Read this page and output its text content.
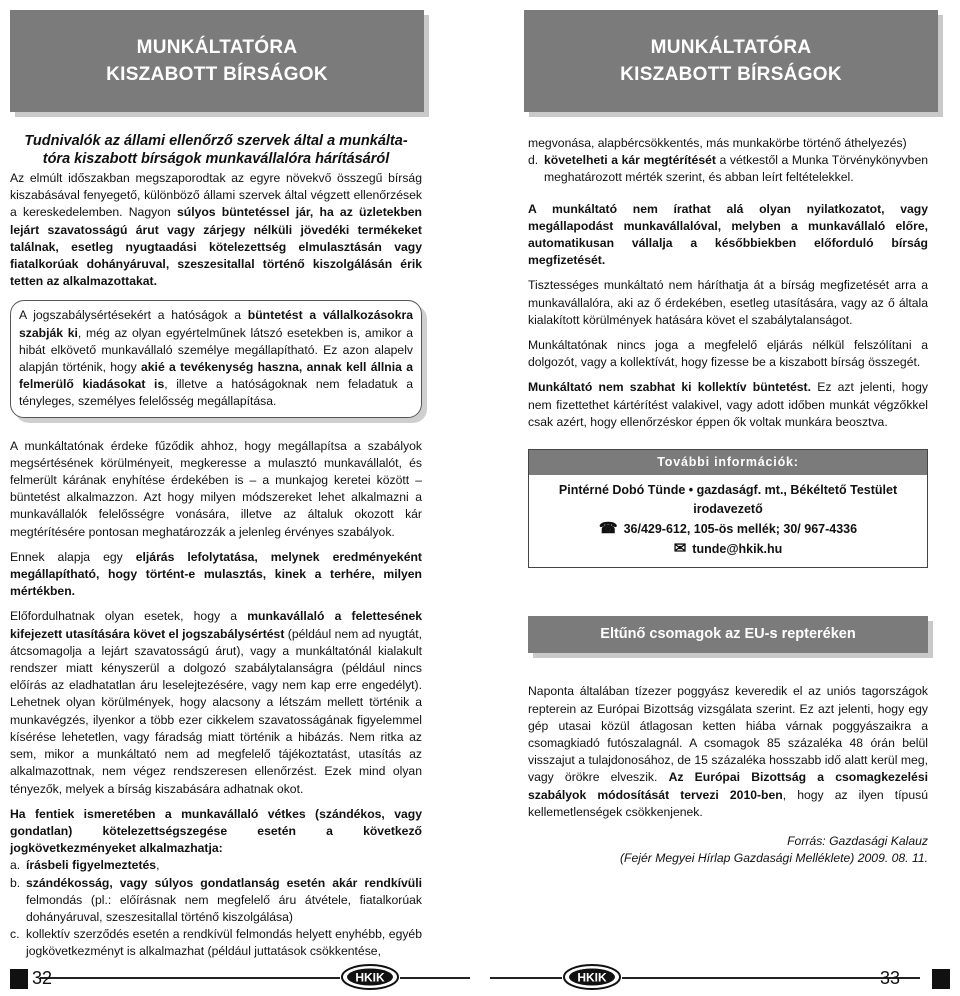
MUNKÁLTATÓRA
KISZABOTT BÍRSÁGOK
Tudnivalók az állami ellenőrző szervek által a munkálta-
tóra kiszabott bírságok munkavállalóra hárításáról

Az elmúlt időszakban megszaporodtak az egyre növekvő összegű bírság kiszabásával fenyegető, különböző állami szervek által végzett ellenőrzések a kereskedelemben. Nagyon súlyos büntetéssel jár, ha az üzletekben lejárt szavatosságú árut vagy zárjegy nélküli jövedéki termékeket találnak, esetleg nyugtaadási kötelezettség elmulasztásán vagy fiatalkorúak dohányáruval, szeszesitallal történő kiszolgálásán érik tetten az alkalmazottakat.

A jogszabálysértésekért a hatóságok a büntetést a vállalkozásokra szabják ki, még az olyan egyértelműnek látszó esetekben is, amikor a hibát elkövető munkavállaló személye megállapítható. Ez azon alapelv alapján történik, hogy akié a tevékenység haszna, annak kell állnia a felmerülő kiadásokat is, illetve a hatóságoknak nem feladatuk a tényleges, személyes felelősség megállapítása.

A munkáltatónak érdeke fűződik ahhoz, hogy megállapítsa a szabályok megsértésének körülményeit, megkeresse a mulasztó munkavállalót, és felmerült kárának enyhítése érdekében is – a munkajog keretei között – büntetést alkalmazzon. Azt hogy milyen módszereket lehet alkalmazni a munkavállalók felelősségre vonására, illetve az általuk okozott kár megtérítésére pontosan meghatározzák a jelenleg érvényes szabályok.

Ennek alapja egy eljárás lefolytatása, melynek eredményeként megállapítható, hogy történt-e mulasztás, kinek a terhére, milyen mértékben.

Előfordulhatnak olyan esetek, hogy a munkavállaló a felettesének kifejezett utasítására követ el jogszabálysértést (például nem ad nyugtát, átcsomagolja a lejárt szavatosságú árut), vagy a munkáltatónál kialakult rendszer miatt kényszerül a dolgozó szabálytalanságra (például nincs előírás az eladhatatlan áru leselejtezésére, vagy nem kap erre engedélyt). Lehetnek olyan körülmények, hogy alacsony a létszám mellett történik a munkavégzés, ilyenkor a több ezer cikkelem szavatosságának figyelemmel kísérése lehetetlen, vagy fáradság miatt történik a hibázás. Nem ritka az sem, mikor a munkáltató nem ad megfelelő tájékoztatást, utasítás az alkalmazottnak, nem végez rendszeresen ellenőrzést. Ezek mind olyan tényezők, melyek a bírság kiszabására adhatnak okot.

Ha fentiek ismeretében a munkavállaló vétkes (szándékos, vagy gondatlan) kötelezettségszegése esetén a következő jogkövetkezményeket alkalmazhatja:

a. írásbeli figyelmeztetés,
b. szándékosság, vagy súlyos gondatlanság esetén akár rendkívüli felmondás (pl.: előírásnak nem megfelelő áru átvétele, fiatalkorúak dohányáruval, szeszesitallal történő kiszolgálása)
c. kollektív szerződés esetén a rendkívül felmondás helyett enyhébb, egyéb jogkövetkezményt is alkalmazhat (például juttatások csökkentése,
32	HKIK
MUNKÁLTATÓRA
KISZABOTT BÍRSÁGOK

megvonása, alapbércsökkentés, más munkakörbe történő áthelyezés)

d. követelheti a kár megtérítését a vétkestől a Munka Törvénykönyvben meghatározott mérték szerint, és abban leírt feltételekkel.

A munkáltató nem írathat alá olyan nyilatkozatot, vagy megállapodást munkavállalóval, melyben a munkavállaló előre, automatikusan vállalja a későbbiekben előforduló bírság megfizetését.

Tisztességes munkáltató nem háríthatja át a bírság megfizetését arra a munkavállalóra, aki az ő érdekében, esetleg utasítására, vagy az ő általa kialakított körülmények hatására követ el szabálytalanságot.

Munkáltatónak nincs joga a megfelelő eljárás nélkül felszólítani a dolgozót, vagy a kollektívát, hogy fizesse be a kiszabott bírság összegét.

Munkáltató nem szabhat ki kollektív büntetést. Ez azt jelenti, hogy nem fizettethet kártérítést valakivel, vagy adott időben munkát végzőkkel csak azért, hogy ellenőrzéskor éppen ők voltak munkára beosztva.

További információk:
Pintérné Dobó Tünde • gazdaságf. mt., Békéltető Testület irodavezető
☎ 36/429-612, 105-ös mellék; 30/ 967-4336
✉ tunde@hkik.hu
Eltűnő csomagok az EU-s repteréken

Naponta általában tízezer poggyász keveredik el az uniós tagországok repterein az Európai Bizottság vizsgálata szerint. Ez azt jelenti, hogy egy gép utasai közül átlagosan ketten hiába várnak poggyászaikra a csomagkiadó futószalagnál. A csomagok 85 százaléka 48 órán belül visszajut a tulajdonosához, de 15 százaléka hosszabb idő alatt kerül meg, vagy örökre elveszik. Az Európai Bizottság a csomagkezelési szabályok módosítását tervezi 2010-ben, hogy az ilyen típusú kellemetlenségek csökkenjenek.

Forrás: Gazdasági Kalauz
(Fejér Megyei Hírlap Gazdasági Melléklete) 2009. 08. 11.
33
HKIK
